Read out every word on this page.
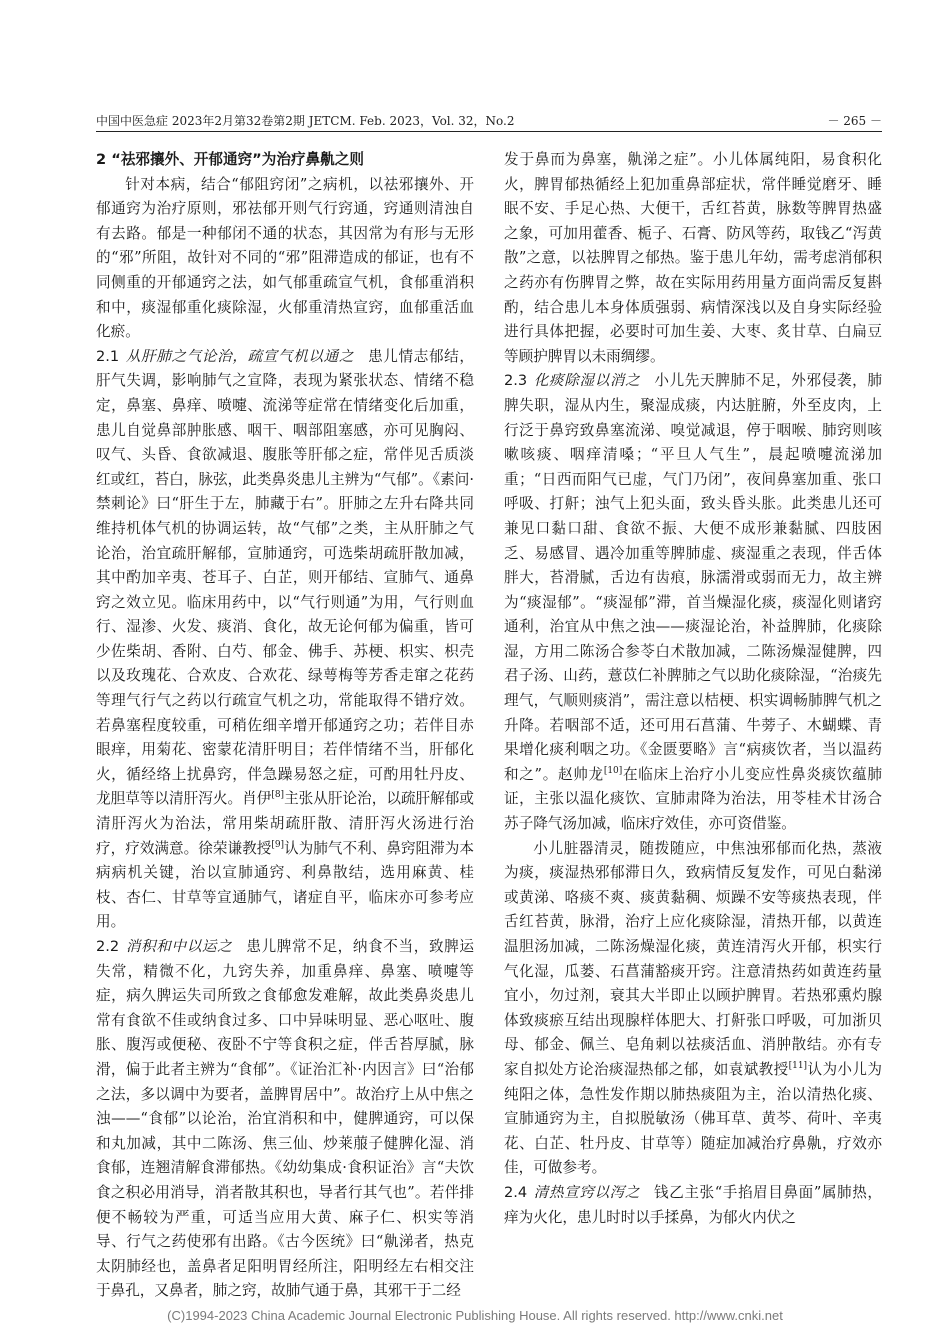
中国中医急症 2023年2月第32卷第2期 JETCM. Feb. 2023，Vol. 32，No.2	－ 265 －

2 “祛邪攘外、开郁通窍”为治疗鼻鼽之则

针对本病，结合“郁阻窍闭”之病机，以祛邪攘外、开郁通窍为治疗原则，邪祛郁开则气行窍通，窍通则清浊自有去路。郁是一种郁闭不通的状态，其因常为有形与无形的“邪”所阻，故针对不同的“邪”阻滞造成的郁证，也有不同侧重的开郁通窍之法，如气郁重疏宣气机，食郁重消积和中，痰湿郁重化痰除湿，火郁重清热宣窍，血郁重活血化瘀。

2.1 从肝肺之气论治，疏宣气机以通之 患儿情志郁结，肝气失调，影响肺气之宣降，表现为紧张状态、情绪不稳定，鼻塞、鼻痒、喷嚏、流涕等症常在情绪变化后加重，患儿自觉鼻部肿胀感、咽干、咽部阻塞感，亦可见胸闷、叹气、头昏、食欲减退、腹胀等肝郁之症，常伴见舌质淡红或红，苔白，脉弦，此类鼻炎患儿主辨为“气郁”。《素问·禁刺论》曰“肝生于左，肺藏于右”。肝肺之左升右降共同维持机体气机的协调运转，故“气郁”之类，主从肝肺之气论治，治宜疏肝解郁，宣肺通窍，可选柴胡疏肝散加减，其中酌加辛夷、苍耳子、白芷，则开郁结、宣肺气、通鼻窍之效立见。临床用药中，以“气行则通”为用，气行则血行、湿渗、火发、痰消、食化，故无论何郁为偏重，皆可少佐柴胡、香附、白芍、郁金、佛手、苏梗、枳实、枳壳以及玫瑰花、合欢皮、合欢花、绿萼梅等芳香走窜之花药等理气行气之药以行疏宣气机之功，常能取得不错疗效。若鼻塞程度较重，可稍佐细辛增开郁通窍之功；若伴目赤眼痒，用菊花、密蒙花清肝明目；若伴情绪不当，肝郁化火，循经络上扰鼻窍，伴急躁易怒之症，可酌用牡丹皮、龙胆草等以清肝泻火。肖伊[8]主张从肝论治，以疏肝解郁或清肝泻火为治法，常用柴胡疏肝散、清肝泻火汤进行治疗，疗效满意。徐荣谦教授[9]认为肺气不利、鼻窍阻滞为本病病机关键，治以宣肺通窍、利鼻散结，选用麻黄、桂枝、杏仁、甘草等宣通肺气，诸症自平，临床亦可参考应用。

2.2 消积和中以运之 患儿脾常不足，纳食不当，致脾运失常，精微不化，九窍失养，加重鼻痒、鼻塞、喷嚏等症，病久脾运失司所致之食郁愈发难解，故此类鼻炎患儿常有食欲不佳或纳食过多、口中异味明显、恶心呕吐、腹胀、腹泻或便秘、夜卧不宁等食积之症，伴舌苔厚腻，脉滑，偏于此者主辨为“食郁”。《证治汇补·内因言》曰“治郁之法，多以调中为要者，盖脾胃居中”。故治疗上从中焦之浊——“食郁”以论治，治宜消积和中，健脾通窍，可以保和丸加减，其中二陈汤、焦三仙、炒莱菔子健脾化湿、消食郁，连翘清解食滞郁热。《幼幼集成·食积证治》言“夫饮食之积必用消导，消者散其积也，导者行其气也”。若伴排便不畅较为严重，可适当应用大黄、麻子仁、枳实等消导、行气之药使邪有出路。《古今医统》曰“鼽涕者，热克太阴肺经也，盖鼻者足阳明胃经所注，阳明经左右相交注于鼻孔，又鼻者，肺之窍，故肺气通于鼻，其邪干于二经

发于鼻而为鼻塞，鼽涕之症”。小儿体属纯阳，易食积化火，脾胃郁热循经上犯加重鼻部症状，常伴睡觉磨牙、睡眠不安、手足心热、大便干，舌红苔黄，脉数等脾胃热盛之象，可加用藿香、栀子、石膏、防风等药，取钱乙“泻黄散”之意，以祛脾胃之郁热。鉴于患儿年幼，需考虑消郁积之药亦有伤脾胃之弊，故在实际用药用量方面尚需反复斟酌，结合患儿本身体质强弱、病情深浅以及自身实际经验进行具体把握，必要时可加生姜、大枣、炙甘草、白扁豆等顾护脾胃以未雨绸缪。

2.3 化痰除湿以消之 小儿先天脾肺不足，外邪侵袭，肺脾失职，湿从内生，聚湿成痰，内达脏腑，外至皮肉，上行泛于鼻窍致鼻塞流涕、嗅觉减退，停于咽喉、肺窍则咳嗽咳痰、咽痒清嗓；“平旦人气生”，晨起喷嚏流涕加重；“日西而阳气已虚，气门乃闭”，夜间鼻塞加重、张口呼吸、打鼾；浊气上犯头面，致头昏头胀。此类患儿还可兼见口黏口甜、食欲不振、大便不成形兼黏腻、四肢困乏、易感冒、遇冷加重等脾肺虚、痰湿重之表现，伴舌体胖大，苔滑腻，舌边有齿痕，脉濡滑或弱而无力，故主辨为“痰湿郁”。“痰湿郁”滞，首当燥湿化痰，痰湿化则诸窍通利，治宜从中焦之浊——痰湿论治，补益脾肺，化痰除湿，方用二陈汤合参苓白术散加减，二陈汤燥湿健脾，四君子汤、山药，薏苡仁补脾肺之气以助化痰除湿，“治痰先理气，气顺则痰消”，需注意以桔梗、枳实调畅肺脾气机之升降。若咽部不适，还可用石菖蒲、牛蒡子、木蝴蝶、青果增化痰利咽之功。《金匮要略》言“病痰饮者，当以温药和之”。赵帅龙[10]在临床上治疗小儿变应性鼻炎痰饮蕴肺证，主张以温化痰饮、宣肺肃降为治法，用苓桂术甘汤合苏子降气汤加减，临床疗效佳，亦可资借鉴。

小儿脏器清灵，随拨随应，中焦浊邪郁而化热，蒸液为痰，痰湿热邪郁滞日久，致病情反复发作，可见白黏涕或黄涕、咯痰不爽、痰黄黏稠、烦躁不安等痰热表现，伴舌红苔黄，脉滑，治疗上应化痰除湿，清热开郁，以黄连温胆汤加减，二陈汤燥湿化痰，黄连清泻火开郁，枳实行气化湿，瓜蒌、石菖蒲豁痰开窍。注意清热药如黄连药量宜小，勿过剂，衰其大半即止以顾护脾胃。若热邪熏灼腺体致痰瘀互结出现腺样体肥大、打鼾张口呼吸，可加浙贝母、郁金、佩兰、皂角刺以祛痰活血、消肿散结。亦有专家自拟处方论治痰湿热郁之郁，如袁斌教授[11]认为小儿为纯阳之体，急性发作期以肺热痰阻为主，治以清热化痰、宣肺通窍为主，自拟脱敏汤（佛耳草、黄芩、荷叶、辛夷花、白芷、牡丹皮、甘草等）随症加减治疗鼻鼽，疗效亦佳，可做参考。

2.4 清热宣窍以泻之 钱乙主张“手掐眉目鼻面”属肺热，痒为火化，患儿时时以手揉鼻，为郁火内伏之

(C)1994-2023 China Academic Journal Electronic Publishing House. All rights reserved. http://www.cnki.net
